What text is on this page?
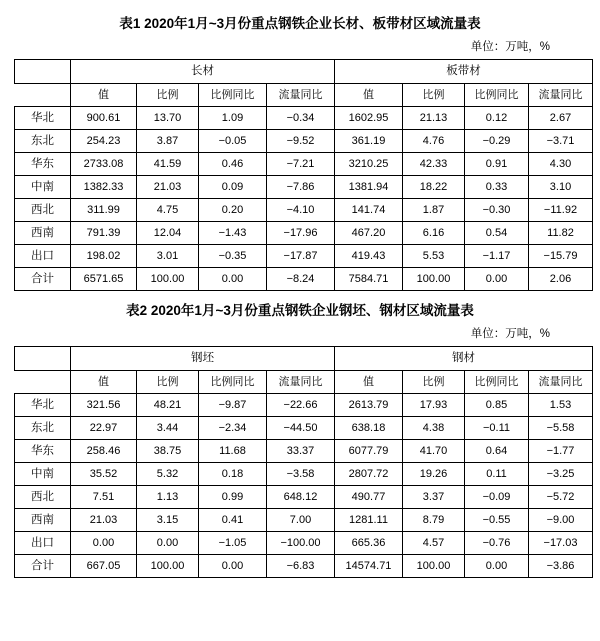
表1 2020年1月~3月份重点钢铁企业长材、板带材区域流量表
单位：万吨，%
	长材				板带材			
	值	比例	比例同比	流量同比	值	比例	比例同比	流量同比
华北	900.61	13.70	1.09	−0.34	1602.95	21.13	0.12	2.67
东北	254.23	3.87	−0.05	−9.52	361.19	4.76	−0.29	−3.71
华东	2733.08	41.59	0.46	−7.21	3210.25	42.33	0.91	4.30
中南	1382.33	21.03	0.09	−7.86	1381.94	18.22	0.33	3.10
西北	311.99	4.75	0.20	−4.10	141.74	1.87	−0.30	−11.92
西南	791.39	12.04	−1.43	−17.96	467.20	6.16	0.54	11.82
出口	198.02	3.01	−0.35	−17.87	419.43	5.53	−1.17	−15.79
合计	6571.65	100.00	0.00	−8.24	7584.71	100.00	0.00	2.06
表2 2020年1月~3月份重点钢铁企业钢坯、钢材区域流量表
单位：万吨，%
	钢坯				钢材			
	值	比例	比例同比	流量同比	值	比例	比例同比	流量同比
华北	321.56	48.21	−9.87	−22.66	2613.79	17.93	0.85	1.53
东北	22.97	3.44	−2.34	−44.50	638.18	4.38	−0.11	−5.58
华东	258.46	38.75	11.68	33.37	6077.79	41.70	0.64	−1.77
中南	35.52	5.32	0.18	−3.58	2807.72	19.26	0.11	−3.25
西北	7.51	1.13	0.99	648.12	490.77	3.37	−0.09	−5.72
西南	21.03	3.15	0.41	7.00	1281.11	8.79	−0.55	−9.00
出口	0.00	0.00	−1.05	−100.00	665.36	4.57	−0.76	−17.03
合计	667.05	100.00	0.00	−6.83	14574.71	100.00	0.00	−3.86
